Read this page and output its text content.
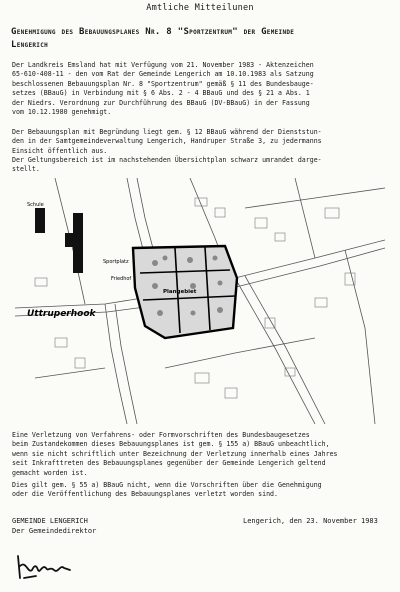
Amtliche Mitteilunen
Genehmigung des Bebauungsplanes Nr. 8 "Sportzentrum" der Gemeinde
Lengerich
Der Landkreis Emsland hat mit Verfügung vom 21. November 1983 - Aktenzeichen
65-610-408-11 - den vom Rat der Gemeinde Lengerich am 10.10.1983 als Satzung
beschlossenen Bebauungsplan Nr. 8 "Sportzentrum" gemäß § 11 des Bundesbauge-
setzes (BBauG) in Verbindung mit § 6 Abs. 2 - 4 BBauG und des § 21 a Abs. 1
der Niedrs. Verordnung zur Durchführung des BBauG (DV-BBauG) in der Fassung
vom 10.12.1980 genehmigt.
Der Bebauungsplan mit Begründung liegt gem. § 12 BBauG während der Dienststun-
den in der Samtgemeindeverwaltung Lengerich, Handruper Straße 3, zu jedermanns
Einsicht öffentlich aus.
Der Geltungsbereich ist im nachstehenden Übersichtplan schwarz umrandet darge-
stellt.
Schule
Sportplatz
Friedhof
Plangebiet
Uttruperhook
Eine Verletzung von Verfahrens- oder Formvorschriften des Bundesbaugesetzes
beim Zustandekommen dieses Bebauungsplanes ist gem. § 155 a) BBauG unbeachtlich,
wenn sie nicht schriftlich unter Bezeichnung der Verletzung innerhalb eines Jahres
seit Inkrafttreten des Bebauungsplanes gegenüber der Gemeinde Lengerich geltend
gemacht worden ist.
Dies gilt gem. § 55 a) BBauG nicht, wenn die Vorschriften über die Genehmigung
oder die Veröffentlichung des Bebauungsplanes verletzt worden sind.
GEMEINDE LENGERICH
Der Gemeindedirektor
Lengerich, den 23. November 1983
